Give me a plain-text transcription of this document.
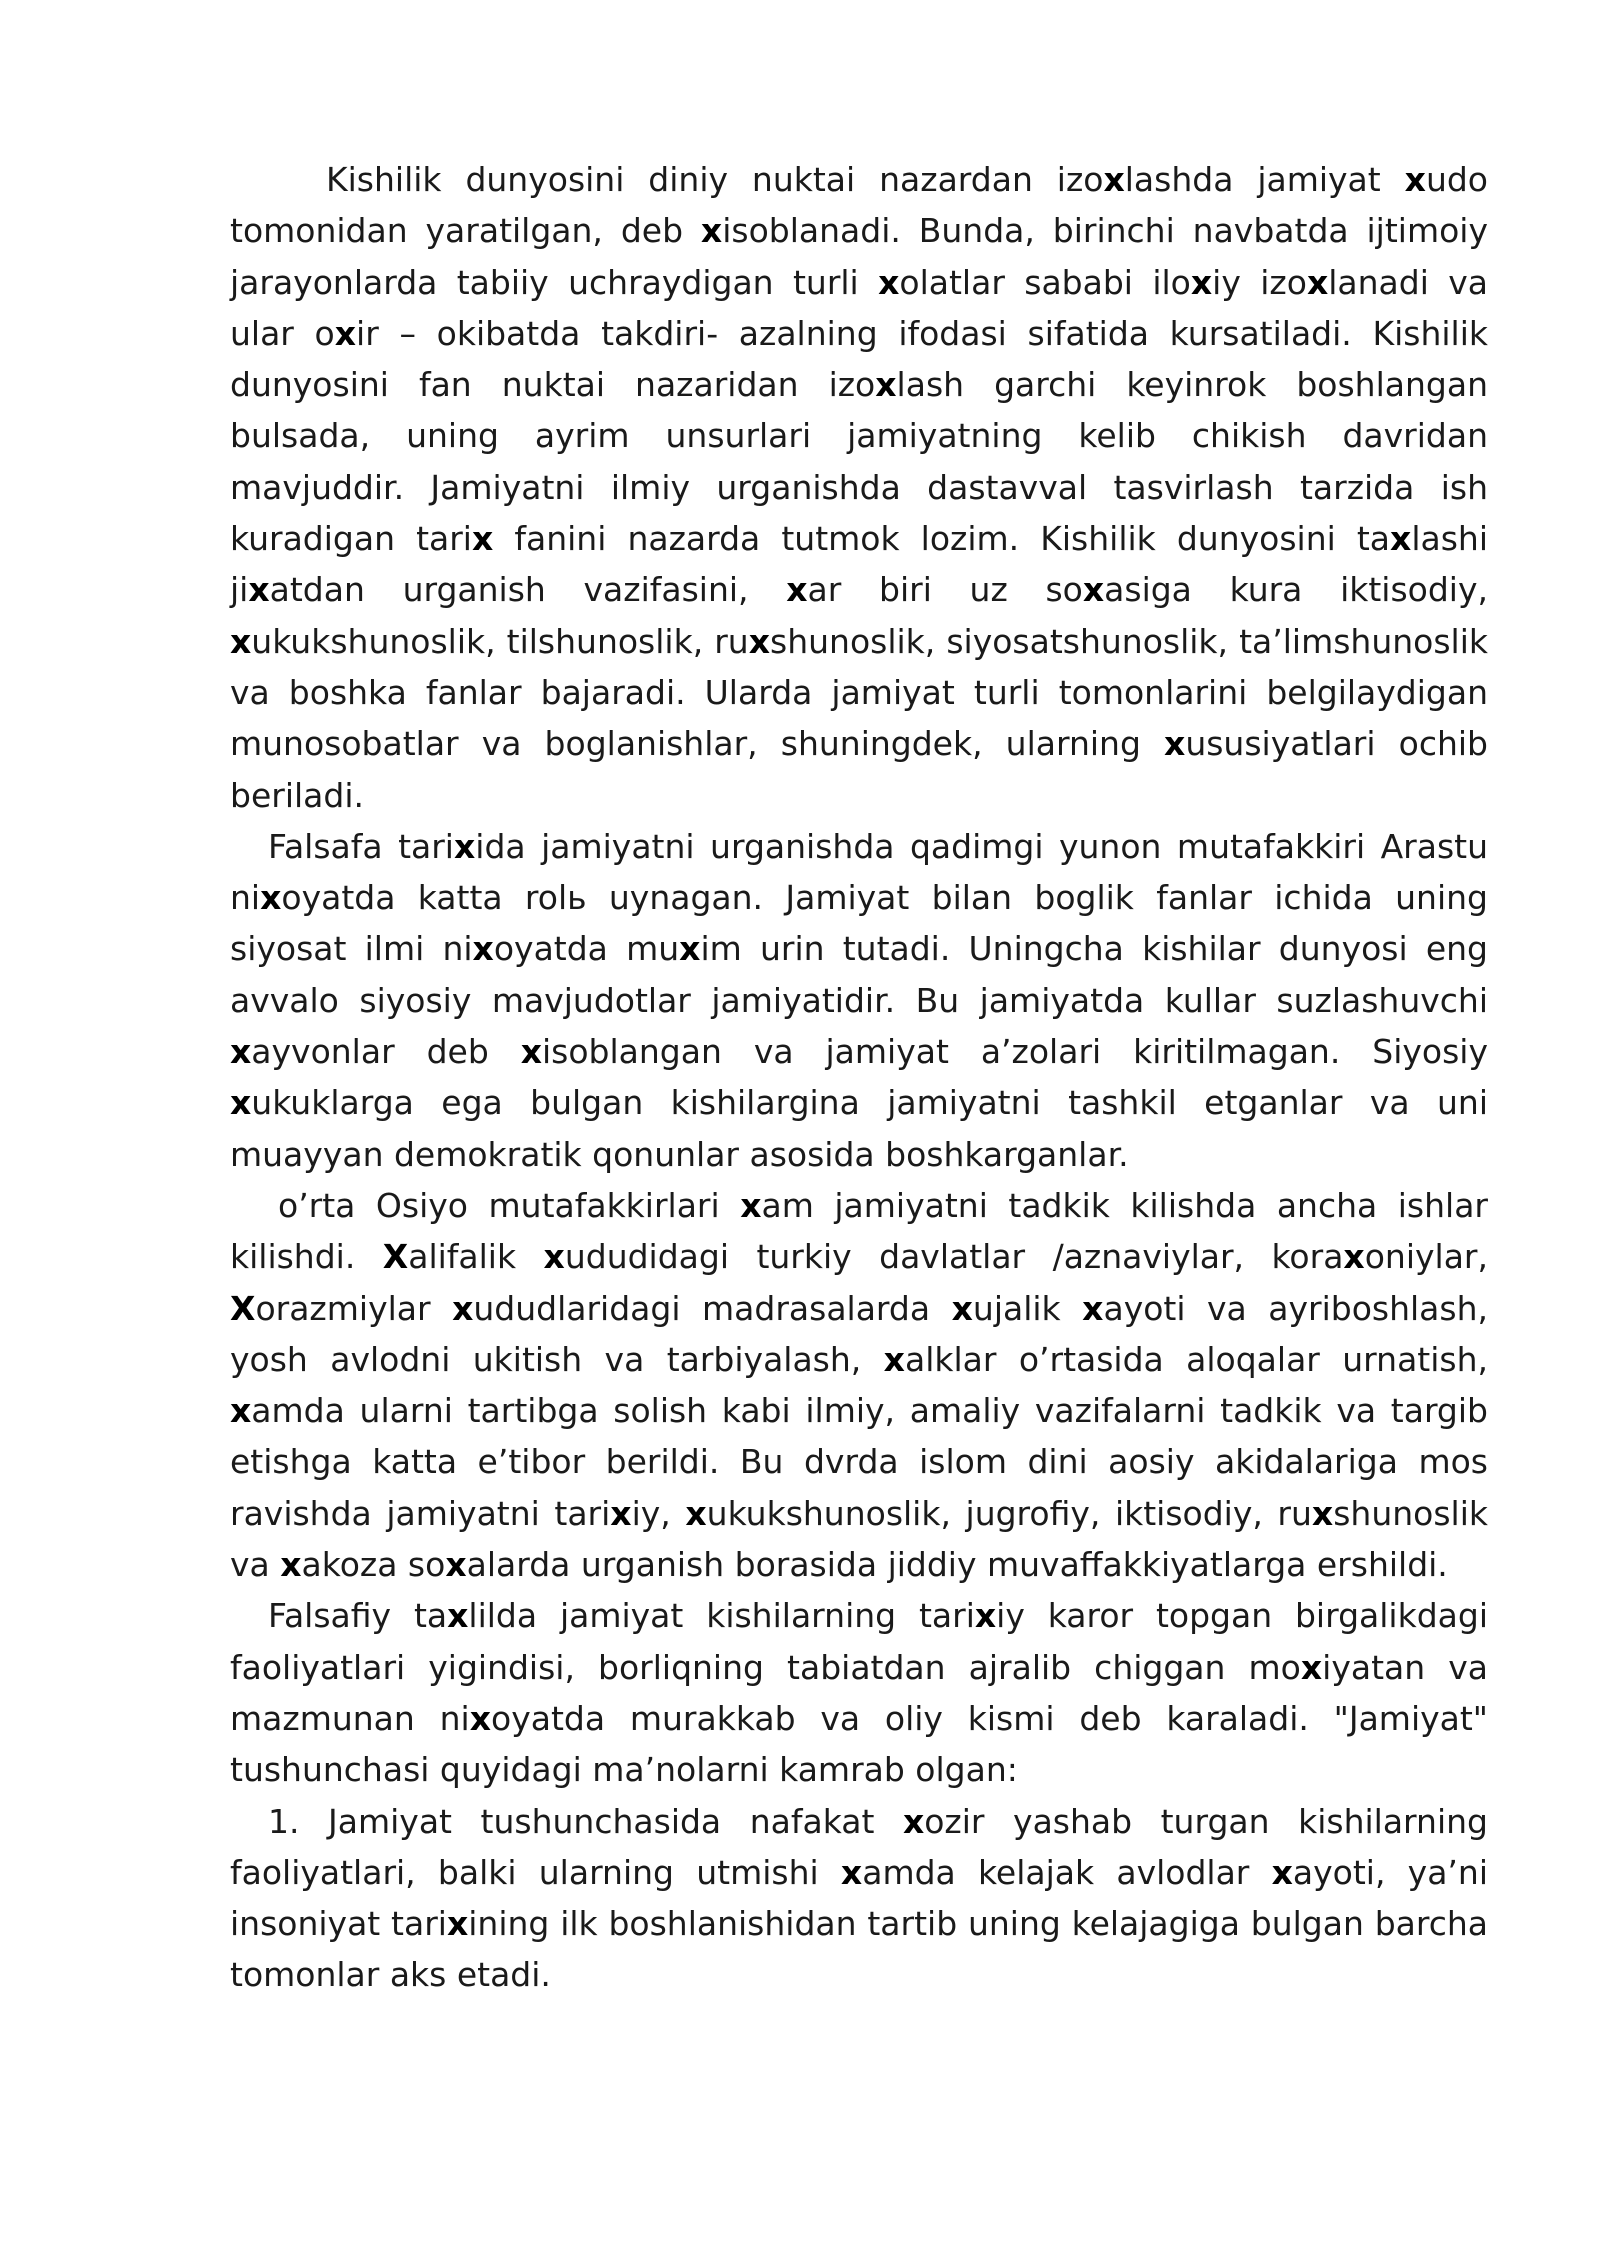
Kishilik dunyosini diniy nuktai nazardan izoxlashda jamiyat xudo tomonidan yaratilgan, deb xisoblanadi. Bunda, birinchi navbatda ijtimoiy jarayonlarda tabiiy uchraydigan turli xolatlar sababi iloxiy izoxlanadi va ular oxir – okibatda takdiri- azalning ifodasi sifatida kursatiladi. Kishilik dunyosini fan nuktai nazaridan izoxlash garchi keyinrok boshlangan bulsada, uning ayrim unsurlari jamiyatning kelib chikish davridan mavjuddir. Jamiyatni ilmiy urganishda dastavval tasvirlash tarzida ish kuradigan tarix fanini nazarda tutmok lozim. Kishilik dunyosini taxlashi jixatdan urganish vazifasini, xar biri uz soxasiga kura iktisodiy, xukukshunoslik, tilshunoslik, ruxshunoslik, siyosatshunoslik, ta’limshunoslik va boshka fanlar bajaradi. Ularda jamiyat turli tomonlarini belgilaydigan munosobatlar va boglanishlar, shuningdek, ularning xususiyatlari ochib beriladi.

Falsafa tarixida jamiyatni urganishda qadimgi yunon mutafakkiri Arastu nixoyatda katta rolь uynagan. Jamiyat bilan boglik fanlar ichida uning siyosat ilmi nixoyatda muxim urin tutadi. Uningcha kishilar dunyosi eng avvalo siyosiy mavjudotlar jamiyatidir. Bu jamiyatda kullar suzlashuvchi xayvonlar deb xisoblangan va jamiyat a’zolari kiritilmagan. Siyosiy xukuklarga ega bulgan kishilargina jamiyatni tashkil etganlar va uni muayyan demokratik qonunlar asosida boshkarganlar.

o’rta Osiyo mutafakkirlari xam jamiyatni tadkik kilishda ancha ishlar kilishdi. Xalifalik xududidagi turkiy davlatlar /aznaviylar, koraxoniylar, Xorazmiylar xududlaridagi madrasalarda xujalik xayoti va ayriboshlash, yosh avlodni ukitish va tarbiyalash, xalklar o’rtasida aloqalar urnatish, xamda ularni tartibga solish kabi ilmiy, amaliy vazifalarni tadkik va targib etishga katta e’tibor berildi. Bu dvrda islom dini aosiy akidalariga mos ravishda jamiyatni tarixiy, xukukshunoslik, jugrofiy, iktisodiy, ruxshunoslik va xakoza soxalarda urganish borasida jiddiy muvaffakkiyatlarga ershildi.

Falsafiy taxlilda jamiyat kishilarning tarixiy karor topgan birgalikdagi faoliyatlari yigindisi, borliqning tabiatdan ajralib chiggan moxiyatan va mazmunan nixoyatda murakkab va oliy kismi deb karaladi. "Jamiyat" tushunchasi quyidagi ma’nolarni kamrab olgan:

1. Jamiyat tushunchasida nafakat xozir yashab turgan kishilarning faoliyatlari, balki ularning utmishi xamda kelajak avlodlar xayoti, ya’ni insoniyat tarixining ilk boshlanishidan tartib uning kelajagiga bulgan barcha tomonlar aks etadi.
